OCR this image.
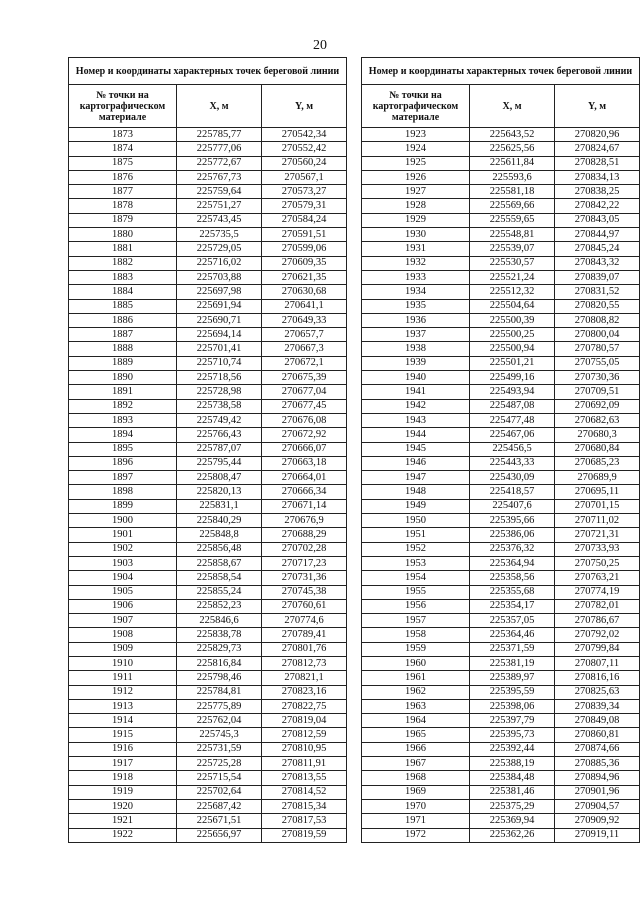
20
Номер и координаты характерных точек береговой линии		
№ точки на картографическом материале	X, м	Y, м
1873	225785,77	270542,34
1874	225777,06	270552,42
1875	225772,67	270560,24
1876	225767,73	270567,1
1877	225759,64	270573,27
1878	225751,27	270579,31
1879	225743,45	270584,24
1880	225735,5	270591,51
1881	225729,05	270599,06
1882	225716,02	270609,35
1883	225703,88	270621,35
1884	225697,98	270630,68
1885	225691,94	270641,1
1886	225690,71	270649,33
1887	225694,14	270657,7
1888	225701,41	270667,3
1889	225710,74	270672,1
1890	225718,56	270675,39
1891	225728,98	270677,04
1892	225738,58	270677,45
1893	225749,42	270676,08
1894	225766,43	270672,92
1895	225787,07	270666,07
1896	225795,44	270663,18
1897	225808,47	270664,01
1898	225820,13	270666,34
1899	225831,1	270671,14
1900	225840,29	270676,9
1901	225848,8	270688,29
1902	225856,48	270702,28
1903	225858,67	270717,23
1904	225858,54	270731,36
1905	225855,24	270745,38
1906	225852,23	270760,61
1907	225846,6	270774,6
1908	225838,78	270789,41
1909	225829,73	270801,76
1910	225816,84	270812,73
1911	225798,46	270821,1
1912	225784,81	270823,16
1913	225775,89	270822,75
1914	225762,04	270819,04
1915	225745,3	270812,59
1916	225731,59	270810,95
1917	225725,28	270811,91
1918	225715,54	270813,55
1919	225702,64	270814,52
1920	225687,42	270815,34
1921	225671,51	270817,53
1922	225656,97	270819,59
Номер и координаты характерных точек береговой линии		
№ точки на картографическом материале	X, м	Y, м
1923	225643,52	270820,96
1924	225625,56	270824,67
1925	225611,84	270828,51
1926	225593,6	270834,13
1927	225581,18	270838,25
1928	225569,66	270842,22
1929	225559,65	270843,05
1930	225548,81	270844,97
1931	225539,07	270845,24
1932	225530,57	270843,32
1933	225521,24	270839,07
1934	225512,32	270831,52
1935	225504,64	270820,55
1936	225500,39	270808,82
1937	225500,25	270800,04
1938	225500,94	270780,57
1939	225501,21	270755,05
1940	225499,16	270730,36
1941	225493,94	270709,51
1942	225487,08	270692,09
1943	225477,48	270682,63
1944	225467,06	270680,3
1945	225456,5	270680,84
1946	225443,33	270685,23
1947	225430,09	270689,9
1948	225418,57	270695,11
1949	225407,6	270701,15
1950	225395,66	270711,02
1951	225386,06	270721,31
1952	225376,32	270733,93
1953	225364,94	270750,25
1954	225358,56	270763,21
1955	225355,68	270774,19
1956	225354,17	270782,01
1957	225357,05	270786,67
1958	225364,46	270792,02
1959	225371,59	270799,84
1960	225381,19	270807,11
1961	225389,97	270816,16
1962	225395,59	270825,63
1963	225398,06	270839,34
1964	225397,79	270849,08
1965	225395,73	270860,81
1966	225392,44	270874,66
1967	225388,19	270885,36
1968	225384,48	270894,96
1969	225381,46	270901,96
1970	225375,29	270904,57
1971	225369,94	270909,92
1972	225362,26	270919,11
